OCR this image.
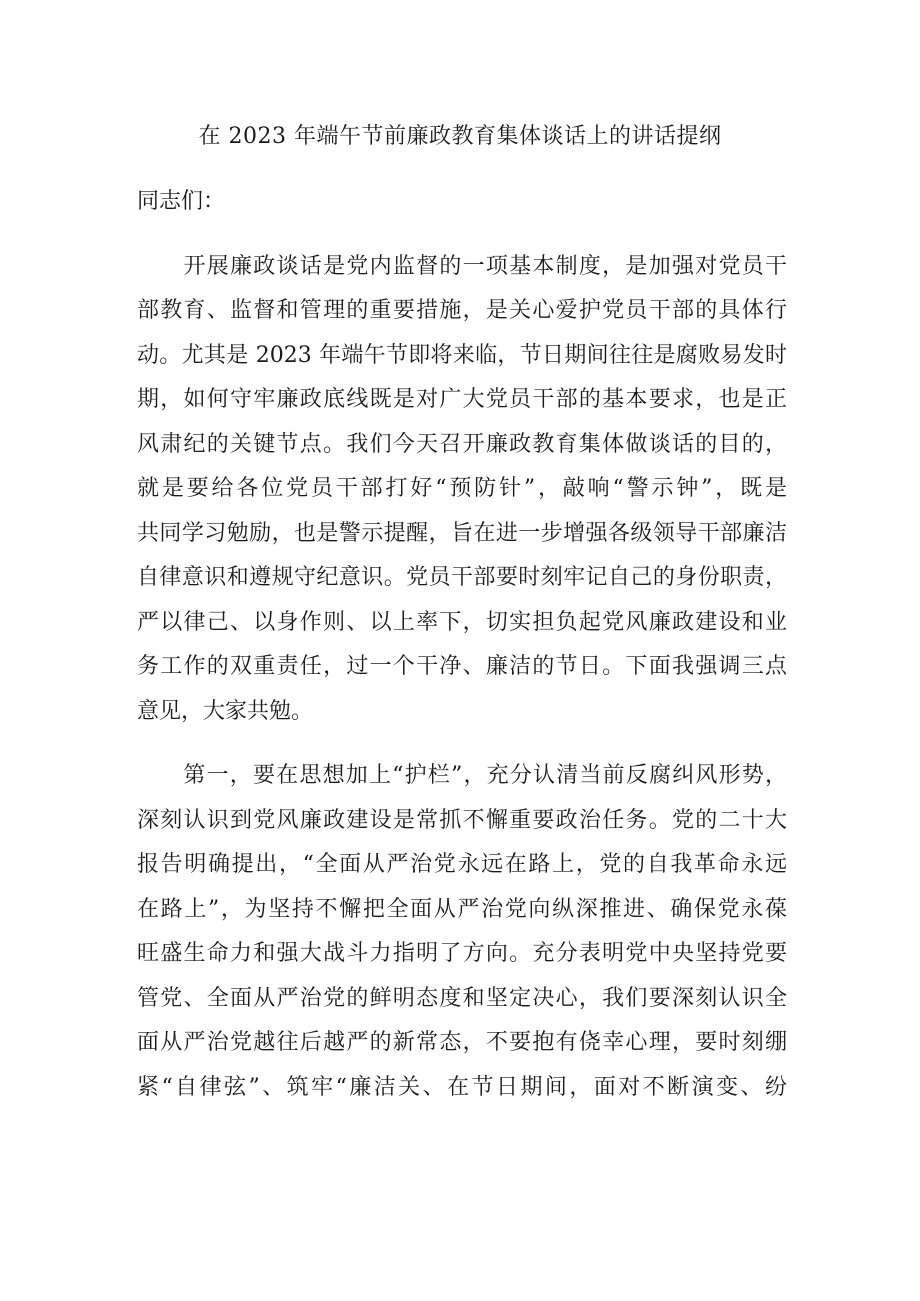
在 2023 年端午节前廉政教育集体谈话上的讲话提纲
同志们：
　　开展廉政谈话是党内监督的一项基本制度，是加强对党员干
部教育、监督和管理的重要措施，是关心爱护党员干部的具体行
动。尤其是 2023 年端午节即将来临，节日期间往往是腐败易发时
期，如何守牢廉政底线既是对广大党员干部的基本要求，也是正
风肃纪的关键节点。我们今天召开廉政教育集体做谈话的目的，
就是要给各位党员干部打好“预防针”，敲响“警示钟”，既是
共同学习勉励，也是警示提醒，旨在进一步增强各级领导干部廉洁
自律意识和遵规守纪意识。党员干部要时刻牢记自己的身份职责，
严以律己、以身作则、以上率下，切实担负起党风廉政建设和业
务工作的双重责任，过一个干净、廉洁的节日。下面我强调三点
意见，大家共勉。
　　第一，要在思想加上“护栏”，充分认清当前反腐纠风形势，
深刻认识到党风廉政建设是常抓不懈重要政治任务。党的二十大
报告明确提出，“全面从严治党永远在路上，党的自我革命永远
在路上”，为坚持不懈把全面从严治党向纵深推进、确保党永葆
旺盛生命力和强大战斗力指明了方向。充分表明党中央坚持党要
管党、全面从严治党的鲜明态度和坚定决心，我们要深刻认识全
面从严治党越往后越严的新常态，不要抱有侥幸心理，要时刻绷
紧“自律弦”、筑牢“廉洁关、在节日期间，面对不断演变、纷
